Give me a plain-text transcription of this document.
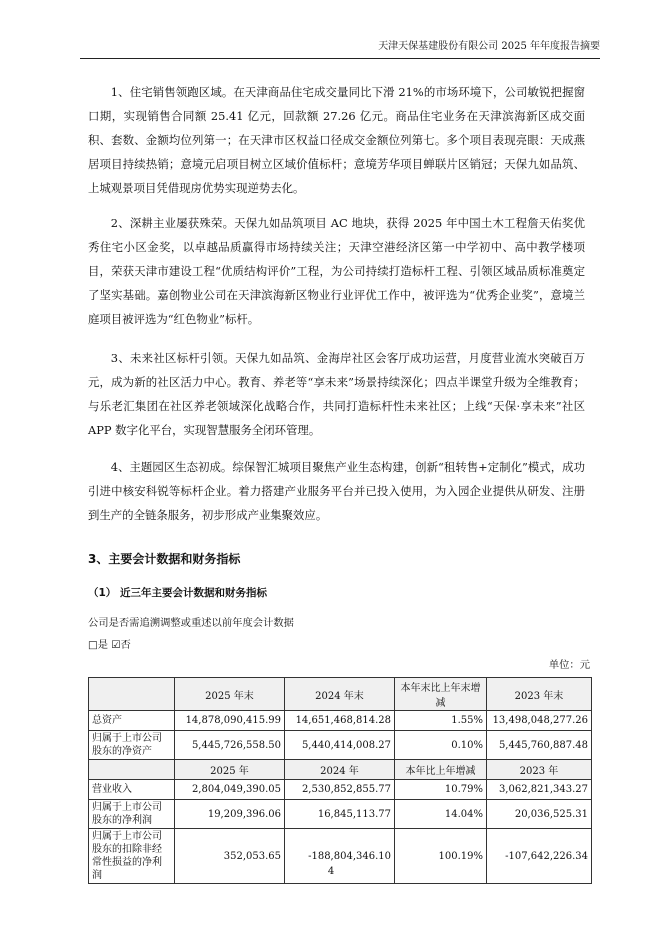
天津天保基建股份有限公司 2025 年年度报告摘要
1、住宅销售领跑区域。在天津商品住宅成交量同比下滑 21%的市场环境下，公司敏锐把握窗口期，实现销售合同额 25.41 亿元，回款额 27.26 亿元。商品住宅业务在天津滨海新区成交面积、套数、金额均位列第一；在天津市区权益口径成交金额位列第七。多个项目表现亮眼：天成燕居项目持续热销；意境元启项目树立区域价值标杆；意境芳华项目蝉联片区销冠；天保九如品筑、上城观景项目凭借现房优势实现逆势去化。
2、深耕主业屡获殊荣。天保九如品筑项目 AC 地块，获得 2025 年中国土木工程詹天佑奖优秀住宅小区金奖，以卓越品质赢得市场持续关注；天津空港经济区第一中学初中、高中教学楼项目，荣获天津市建设工程“优质结构评价”工程，为公司持续打造标杆工程、引领区域品质标准奠定了坚实基础。嘉创物业公司在天津滨海新区物业行业评优工作中，被评选为“优秀企业奖”，意境兰庭项目被评选为“红色物业”标杆。
3、未来社区标杆引领。天保九如品筑、金海岸社区会客厅成功运营，月度营业流水突破百万元，成为新的社区活力中心。教育、养老等“享未来”场景持续深化；四点半课堂升级为全维教育；与乐老汇集团在社区养老领域深化战略合作，共同打造标杆性未来社区；上线“天保·享未来”社区 APP 数字化平台，实现智慧服务全闭环管理。
4、主题园区生态初成。综保智汇城项目聚焦产业生态构建，创新“租转售+定制化”模式，成功引进中核安科锐等标杆企业。着力搭建产业服务平台并已投入使用，为入园企业提供从研发、注册到生产的全链条服务，初步形成产业集聚效应。
3、主要会计数据和财务指标
（1） 近三年主要会计数据和财务指标
公司是否需追溯调整或重述以前年度会计数据
□是 ☑否
单位：元
	2025 年末	2024 年末	本年末比上年末增减	2023 年末
总资产	14,878,090,415.99	14,651,468,814.28	1.55%	13,498,048,277.26
归属于上市公司股东的净资产	5,445,726,558.50	5,440,414,008.27	0.10%	5,445,760,887.48
	2025 年	2024 年	本年比上年增减	2023 年
营业收入	2,804,049,390.05	2,530,852,855.77	10.79%	3,062,821,343.27
归属于上市公司股东的净利润	19,209,396.06	16,845,113.77	14.04%	20,036,525.31
归属于上市公司股东的扣除非经常性损益的净利润	352,053.65	-188,804,346.10	100.19%	-107,642,226.34
4
